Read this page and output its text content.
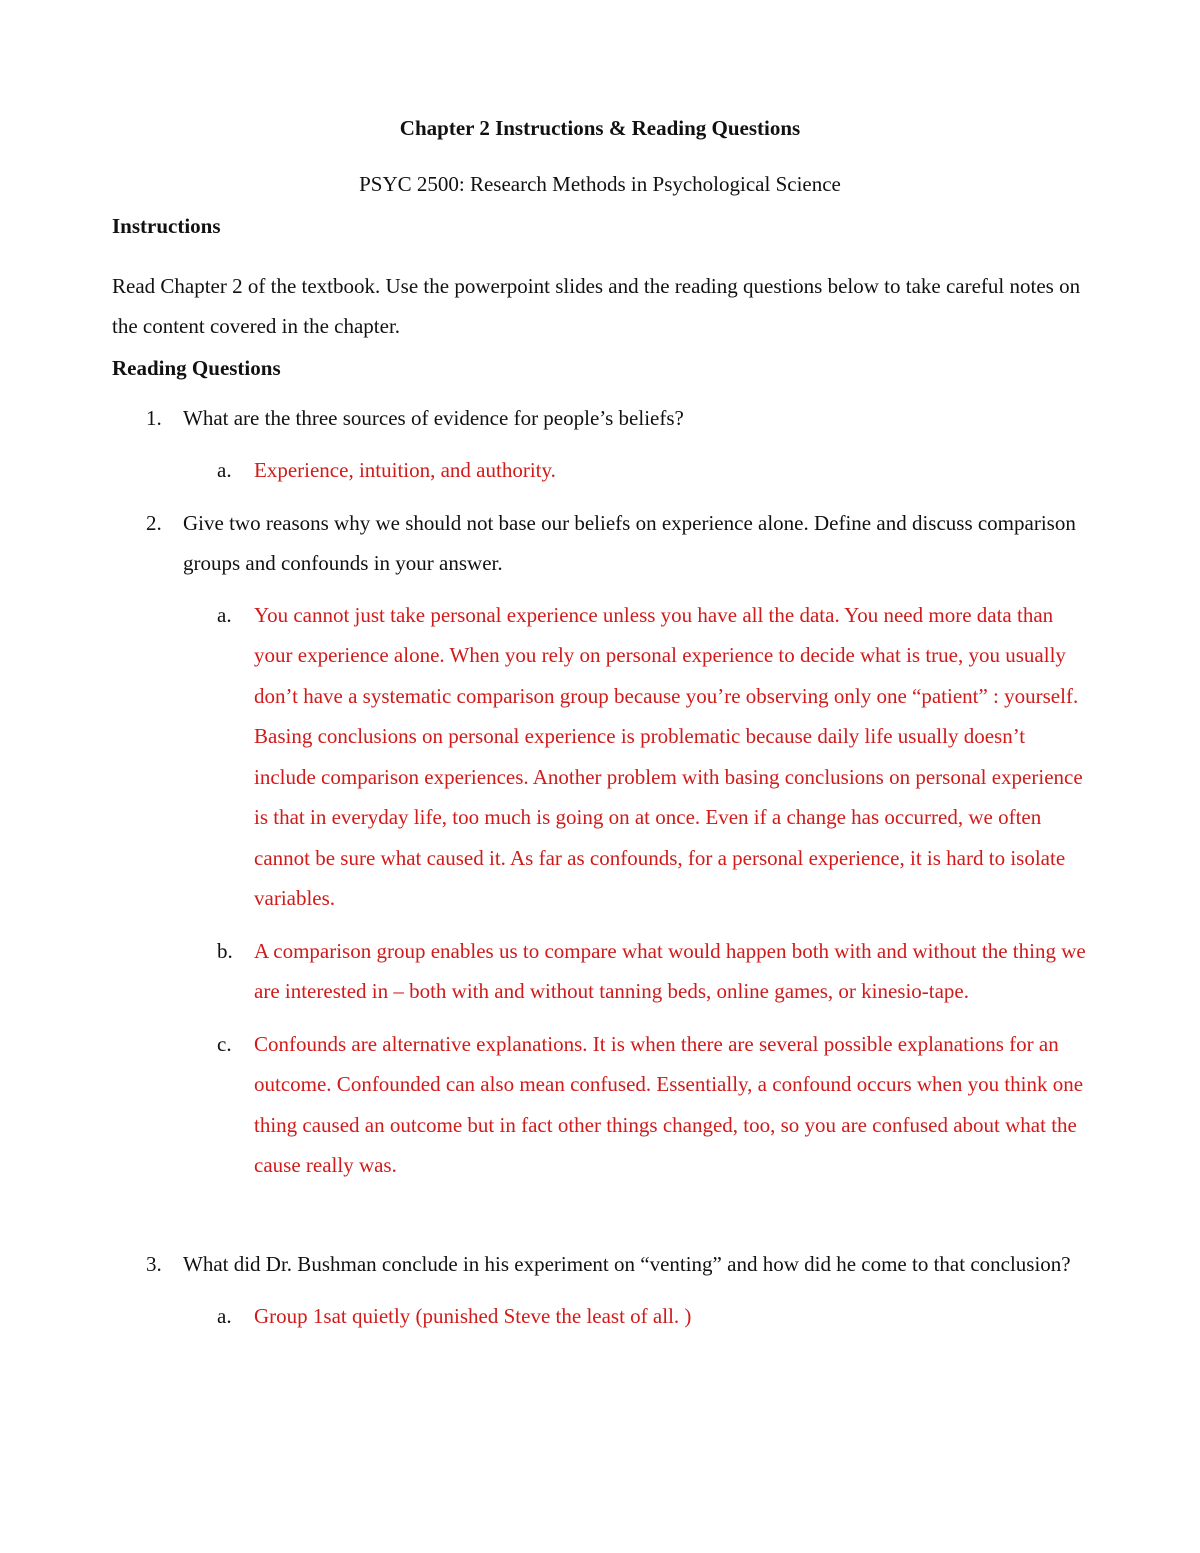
Chapter 2 Instructions & Reading Questions

PSYC 2500: Research Methods in Psychological Science

Instructions

Read Chapter 2 of the textbook. Use the powerpoint slides and the reading questions below to take careful notes on the content covered in the chapter.

Reading Questions
1. What are the three sources of evidence for people’s beliefs?
a. Experience, intuition, and authority.
2. Give two reasons why we should not base our beliefs on experience alone. Define and discuss comparison groups and confounds in your answer.
a. You cannot just take personal experience unless you have all the data. You need more data than your experience alone. When you rely on personal experience to decide what is true, you usually don’t have a systematic comparison group because you’re observing only one “patient” : yourself. Basing conclusions on personal experience is problematic because daily life usually doesn’t include comparison experiences. Another problem with basing conclusions on personal experience is that in everyday life, too much is going on at once. Even if a change has occurred, we often cannot be sure what caused it. As far as confounds, for a personal experience, it is hard to isolate variables.
b. A comparison group enables us to compare what would happen both with and without the thing we are interested in – both with and without tanning beds, online games, or kinesio-tape.
c. Confounds are alternative explanations. It is when there are several possible explanations for an outcome. Confounded can also mean confused. Essentially, a confound occurs when you think one thing caused an outcome but in fact other things changed, too, so you are confused about what the cause really was.
3. What did Dr. Bushman conclude in his experiment on “venting” and how did he come to that conclusion?
a. Group 1sat quietly (punished Steve the least of all. )
